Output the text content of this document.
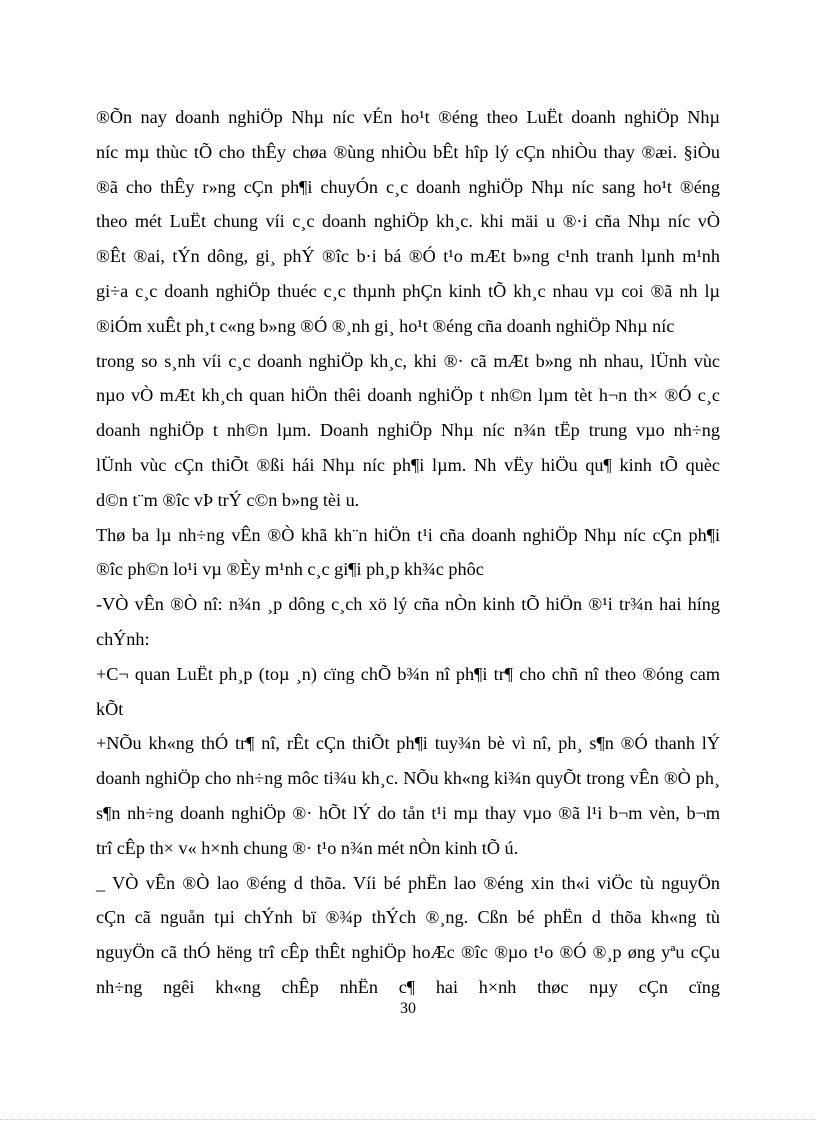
®Õn nay doanh nghiÖp Nhµ níc vÉn ho¹t ®éng theo LuËt doanh nghiÖp Nhµ
níc mµ thùc tÕ cho thÊy chøa ®ùng nhiÒu bÊt hîp lý cÇn nhiÒu thay ®æi. §iÒu
®ã cho thÊy r»ng cÇn ph¶i chuyÓn c¸c doanh nghiÖp Nhµ níc sang ho¹t ®éng
theo mét LuËt chung víi c¸c doanh nghiÖp kh¸c. khi mäi u ®·i cña Nhµ níc vÒ
®Êt ®ai, tÝn dông, gi¸ phÝ ®îc b·i bá ®Ó t¹o mÆt b»ng c¹nh tranh lµnh m¹nh
gi÷a c¸c doanh nghiÖp thuéc c¸c thµnh phÇn kinh tÕ kh¸c nhau vµ coi ®ã nh lµ
®iÓm xuÊt ph¸t c«ng b»ng ®Ó ®¸nh gi¸ ho¹t ®éng cña doanh nghiÖp Nhµ níc
trong so s¸nh víi c¸c doanh nghiÖp kh¸c, khi ®· cã mÆt b»ng nh nhau, lÜnh vùc
nµo vÒ mÆt kh¸ch quan hiÖn thêi doanh nghiÖp t nh©n lµm tèt h¬n th× ®Ó c¸c
doanh nghiÖp t nh©n lµm. Doanh nghiÖp Nhµ níc n¾n tËp trung vµo nh÷ng
lÜnh vùc cÇn thiÕt ®ßi hái Nhµ níc ph¶i lµm. Nh vËy hiÖu qu¶ kinh tÕ quèc
d©n t¨m ®îc vÞ trÝ c©n b»ng tèi u.
Thø ba lµ nh÷ng vÊn ®Ò khã kh¨n hiÖn t¹i cña doanh nghiÖp Nhµ níc cÇn ph¶i
®îc ph©n lo¹i vµ ®Èy m¹nh c¸c gi¶i ph¸p kh¾c phôc
-VÒ vÊn ®Ò nî: n¾n ¸p dông c¸ch xö lý cña nÒn kinh tÕ hiÖn ®¹i tr¾n hai híng
chÝnh:
+C¬ quan LuËt ph¸p (toµ ¸n) cïng chÕ b¾n nî ph¶i tr¶ cho chñ nî theo ®óng cam
kÕt
+NÕu kh«ng thÓ tr¶ nî, rÊt cÇn thiÕt ph¶i tuy¾n bè vì nî, ph¸ s¶n ®Ó thanh lÝ
doanh nghiÖp cho nh÷ng môc ti¾u kh¸c. NÕu kh«ng ki¾n quyÕt trong vÊn ®Ò ph¸
s¶n nh÷ng doanh nghiÖp ®· hÕt lÝ do tån t¹i mµ thay vµo ®ã l¹i b¬m vèn, b¬m
trî cÊp th× v« h×nh chung ®· t¹o n¾n mét nÒn kinh tÕ ú.
_ VÒ vÊn ®Ò lao ®éng d thõa. Víi bé phËn lao ®éng xin th«i viÖc tù nguyÖn
cÇn cã nguån tµi chÝnh bï ®¾p thÝch ®¸ng. Cßn bé phËn d thõa kh«ng tù
nguyÖn cã thÓ hëng trî cÊp thÊt nghiÖp hoÆc ®îc ®µo t¹o ®Ó ®¸p øng yªu cÇu
nh÷ng ngêi kh«ng chÊp nhËn c¶ hai h×nh thøc nµy cÇn cïng
30
